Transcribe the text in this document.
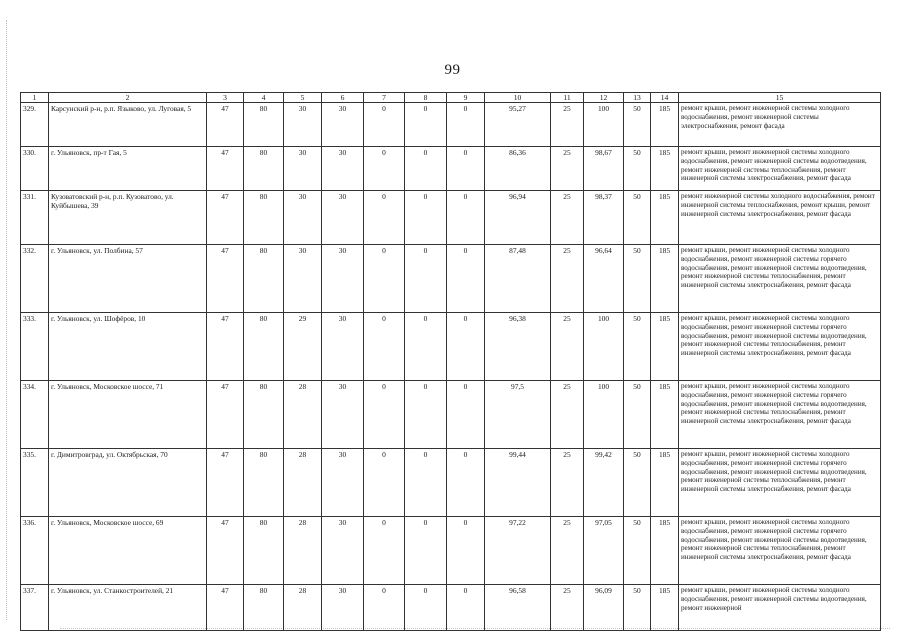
99
1	2	3	4	5	6	7	8	9	10	11	12	13	14	15
329.	Карсунский р-н, р.п. Языково, ул. Луговая, 5	47	80	30	30	0	0	0	95,27	25	100	50	185	ремонт крыши, ремонт инженерной системы холодного водоснабжения, ремонт инженерной системы электроснабжения, ремонт фасада
330.	г. Ульяновск, пр-т Гая, 5	47	80	30	30	0	0	0	86,36	25	98,67	50	185	ремонт крыши, ремонт инженерной системы холодного водоснабжения, ремонт инженерной системы водоотведения, ремонт инженерной системы теплоснабжения, ремонт инженерной системы электроснабжения, ремонт фасада
331.	Кузоватовский р-н, р.п. Кузоватово, ул. Куйбышева, 39	47	80	30	30	0	0	0	96,94	25	98,37	50	185	ремонт инженерной системы холодного водоснабжения, ремонт инженерной системы теплоснабжения, ремонт крыши, ремонт инженерной системы электроснабжения, ремонт фасада
332.	г. Ульяновск, ул. Полбина, 57	47	80	30	30	0	0	0	87,48	25	96,64	50	185	ремонт крыши, ремонт инженерной системы холодного водоснабжения, ремонт инженерной системы горячего водоснабжения, ремонт инженерной системы водоотведения, ремонт инженерной системы теплоснабжения, ремонт инженерной системы электроснабжения, ремонт фасада
333.	г. Ульяновск, ул. Шофёров, 10	47	80	29	30	0	0	0	96,38	25	100	50	185	ремонт крыши, ремонт инженерной системы холодного водоснабжения, ремонт инженерной системы горячего водоснабжения, ремонт инженерной системы водоотведения, ремонт инженерной системы теплоснабжения, ремонт инженерной системы электроснабжения, ремонт фасада
334.	г. Ульяновск, Московское шоссе, 71	47	80	28	30	0	0	0	97,5	25	100	50	185	ремонт крыши, ремонт инженерной системы холодного водоснабжения, ремонт инженерной системы горячего водоснабжения, ремонт инженерной системы водоотведения, ремонт инженерной системы теплоснабжения, ремонт инженерной системы электроснабжения, ремонт фасада
335.	г. Димитровград, ул. Октябрьская, 70	47	80	28	30	0	0	0	99,44	25	99,42	50	185	ремонт крыши, ремонт инженерной системы холодного водоснабжения, ремонт инженерной системы горячего водоснабжения, ремонт инженерной системы водоотведения, ремонт инженерной системы теплоснабжения, ремонт инженерной системы электроснабжения, ремонт фасада
336.	г. Ульяновск, Московское шоссе, 69	47	80	28	30	0	0	0	97,22	25	97,05	50	185	ремонт крыши, ремонт инженерной системы холодного водоснабжения, ремонт инженерной системы горячего водоснабжения, ремонт инженерной системы водоотведения, ремонт инженерной системы теплоснабжения, ремонт инженерной системы электроснабжения, ремонт фасада
337.	г. Ульяновск, ул. Станкостроителей, 21	47	80	28	30	0	0	0	96,58	25	96,09	50	185	ремонт крыши, ремонт инженерной системы холодного водоснабжения, ремонт инженерной системы водоотведения, ремонт инженерной
